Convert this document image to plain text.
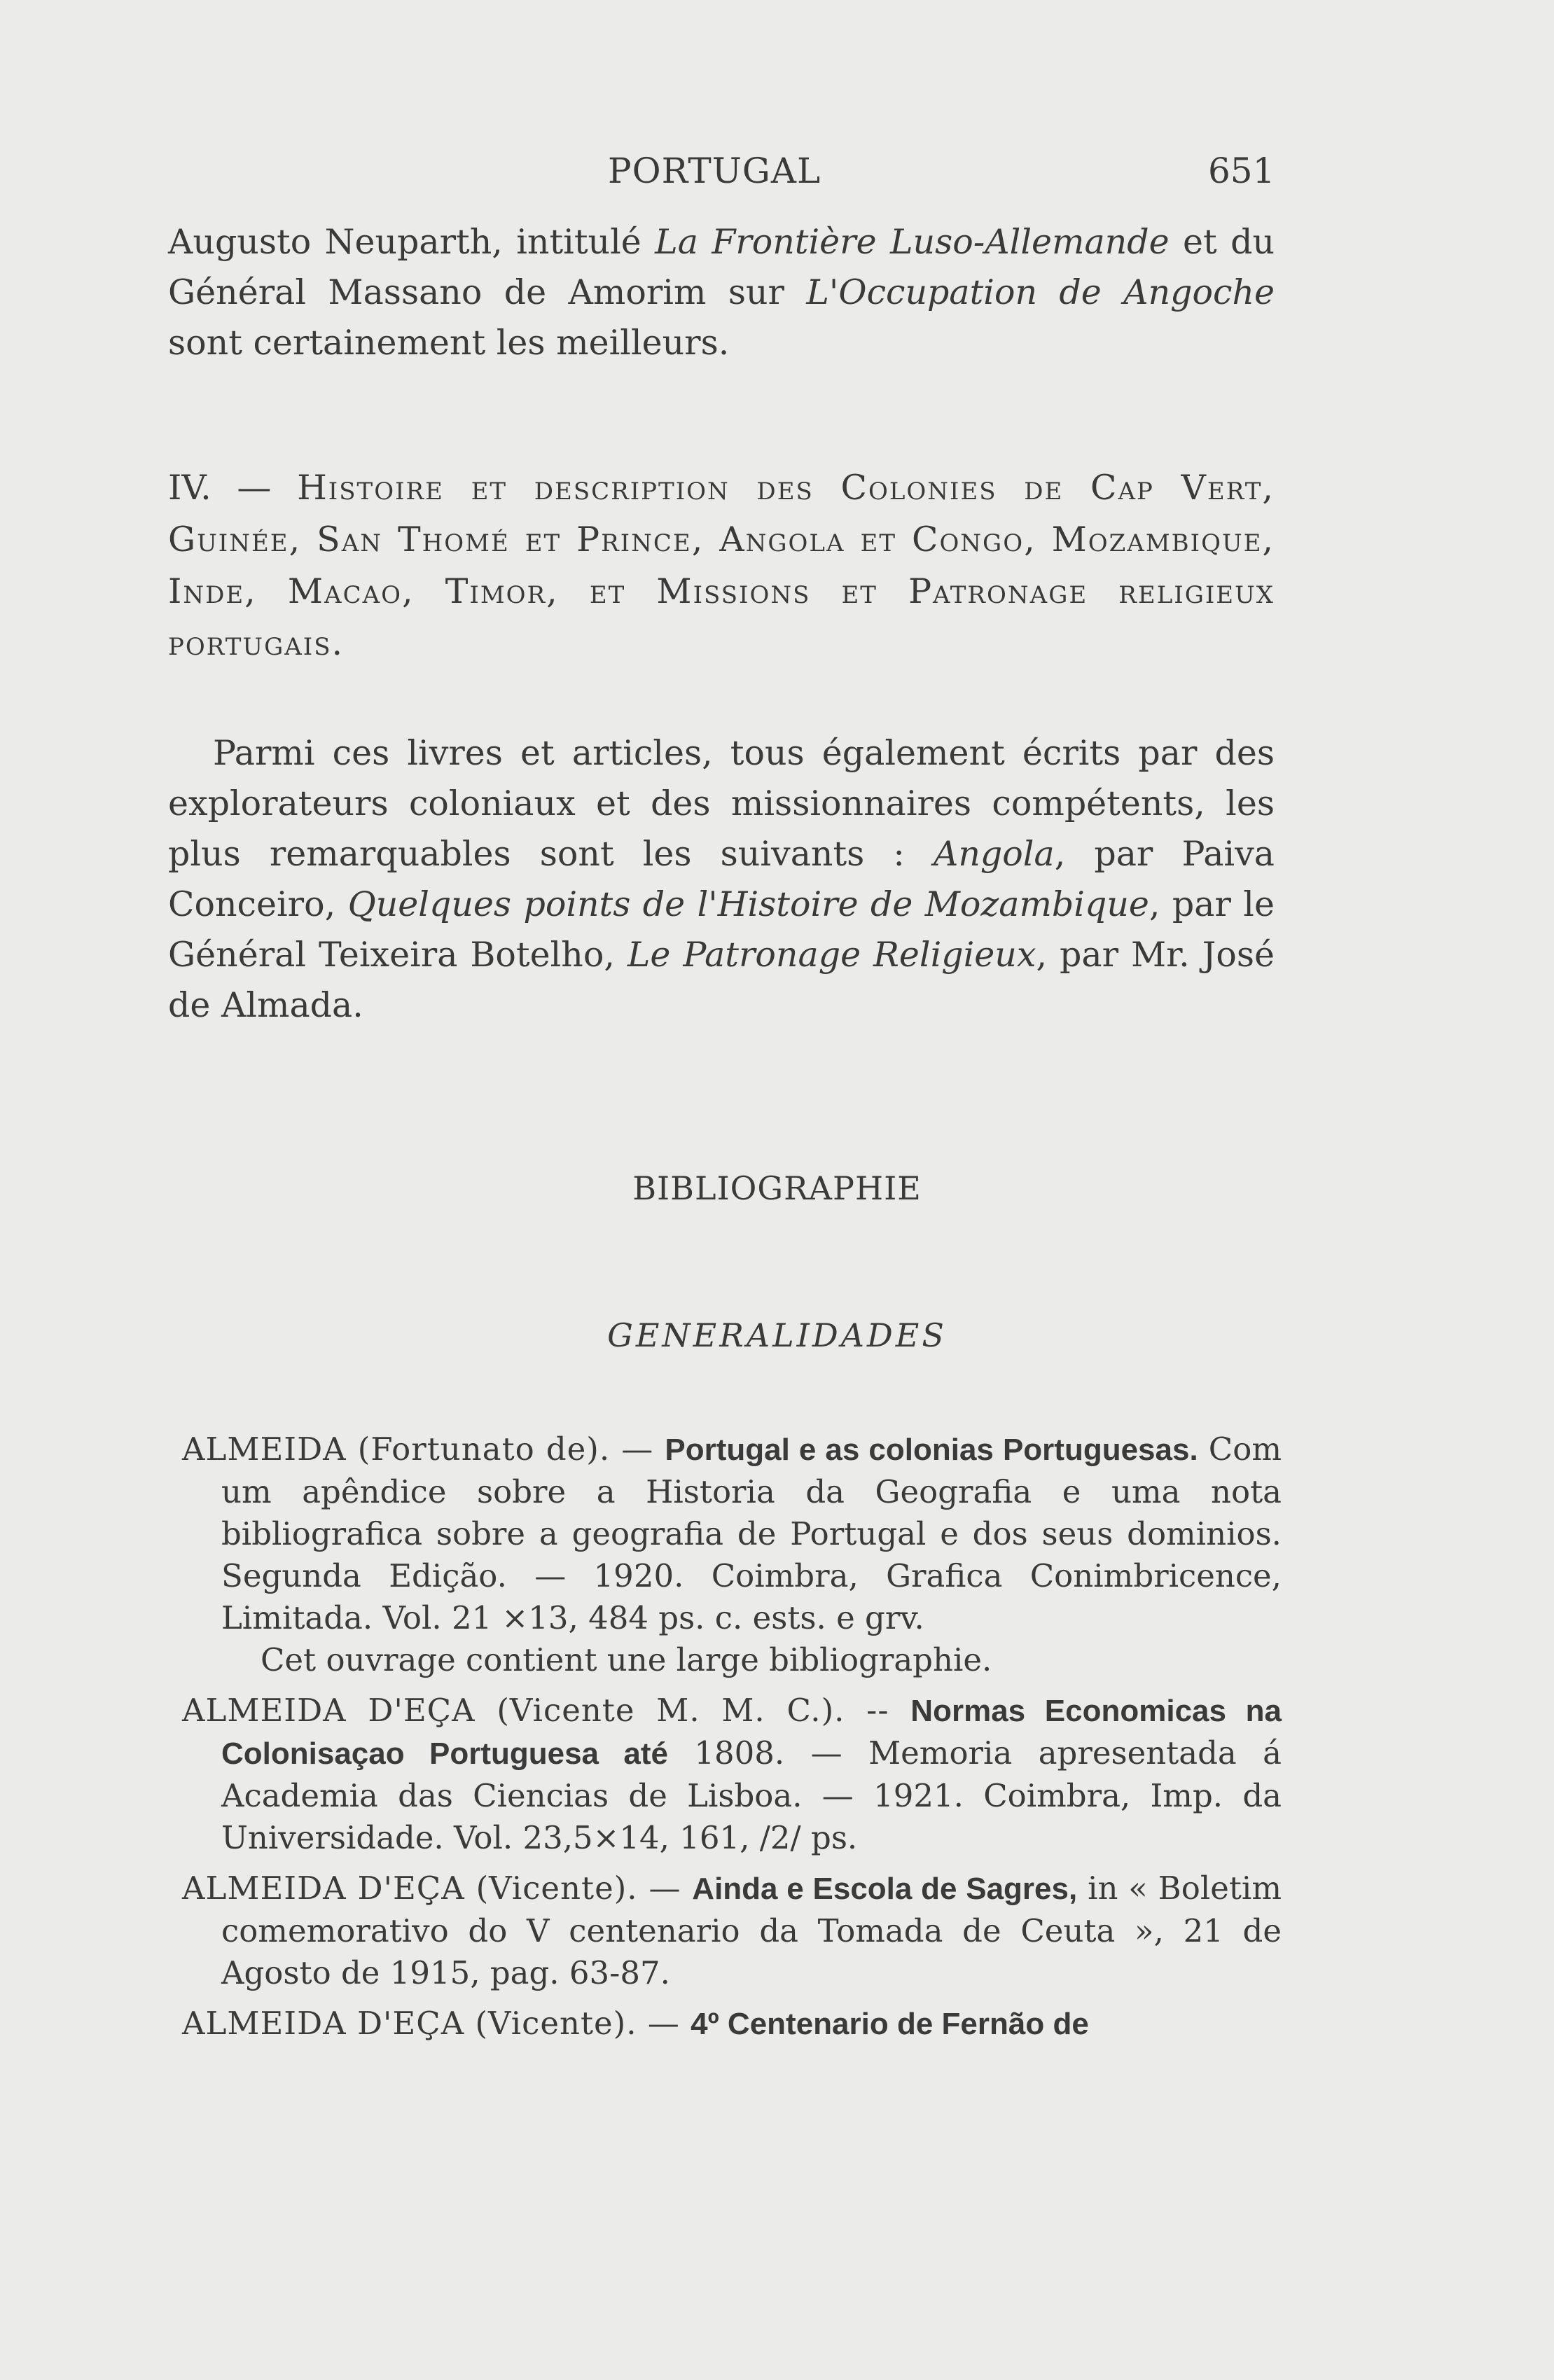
PORTUGAL	651
Augusto Neuparth, intitulé La Frontière Luso-Allemande et du Général Massano de Amorim sur L'Occupation de Angoche sont certainement les meilleurs.
IV. — Histoire et description des Colonies de Cap Vert, Guinée, San Thomé et Prince, Angola et Congo, Mozambique, Inde, Macao, Timor, et Missions et Patronage religieux portugais.
Parmi ces livres et articles, tous également écrits par des explorateurs coloniaux et des missionnaires compétents, les plus remarquables sont les suivants : Angola, par Paiva Conceiro, Quelques points de l'Histoire de Mozambique, par le Général Teixeira Botelho, Le Patronage Religieux, par Mr. José de Almada.
BIBLIOGRAPHIE
GENERALIDADES
ALMEIDA (Fortunato de). — Portugal e as colonias Portuguesas. Com um apêndice sobre a Historia da Geografia e uma nota bibliografica sobre a geografia de Portugal e dos seus dominios. Segunda Edição. — 1920. Coimbra, Grafica Conimbricence, Limitada. Vol. 21 ×13, 484 ps. c. ests. e grv.
Cet ouvrage contient une large bibliographie.
ALMEIDA D'EÇA (Vicente M. M. C.). -- Normas Economicas na Colonisaçao Portuguesa até 1808. — Memoria apresentada á Academia das Ciencias de Lisboa. — 1921. Coimbra, Imp. da Universidade. Vol. 23,5×14, 161, /2/ ps.
ALMEIDA D'EÇA (Vicente). — Ainda e Escola de Sagres, in « Boletim comemorativo do V centenario da Tomada de Ceuta », 21 de Agosto de 1915, pag. 63-87.
ALMEIDA D'EÇA (Vicente). — 4º Centenario de Fernão de
